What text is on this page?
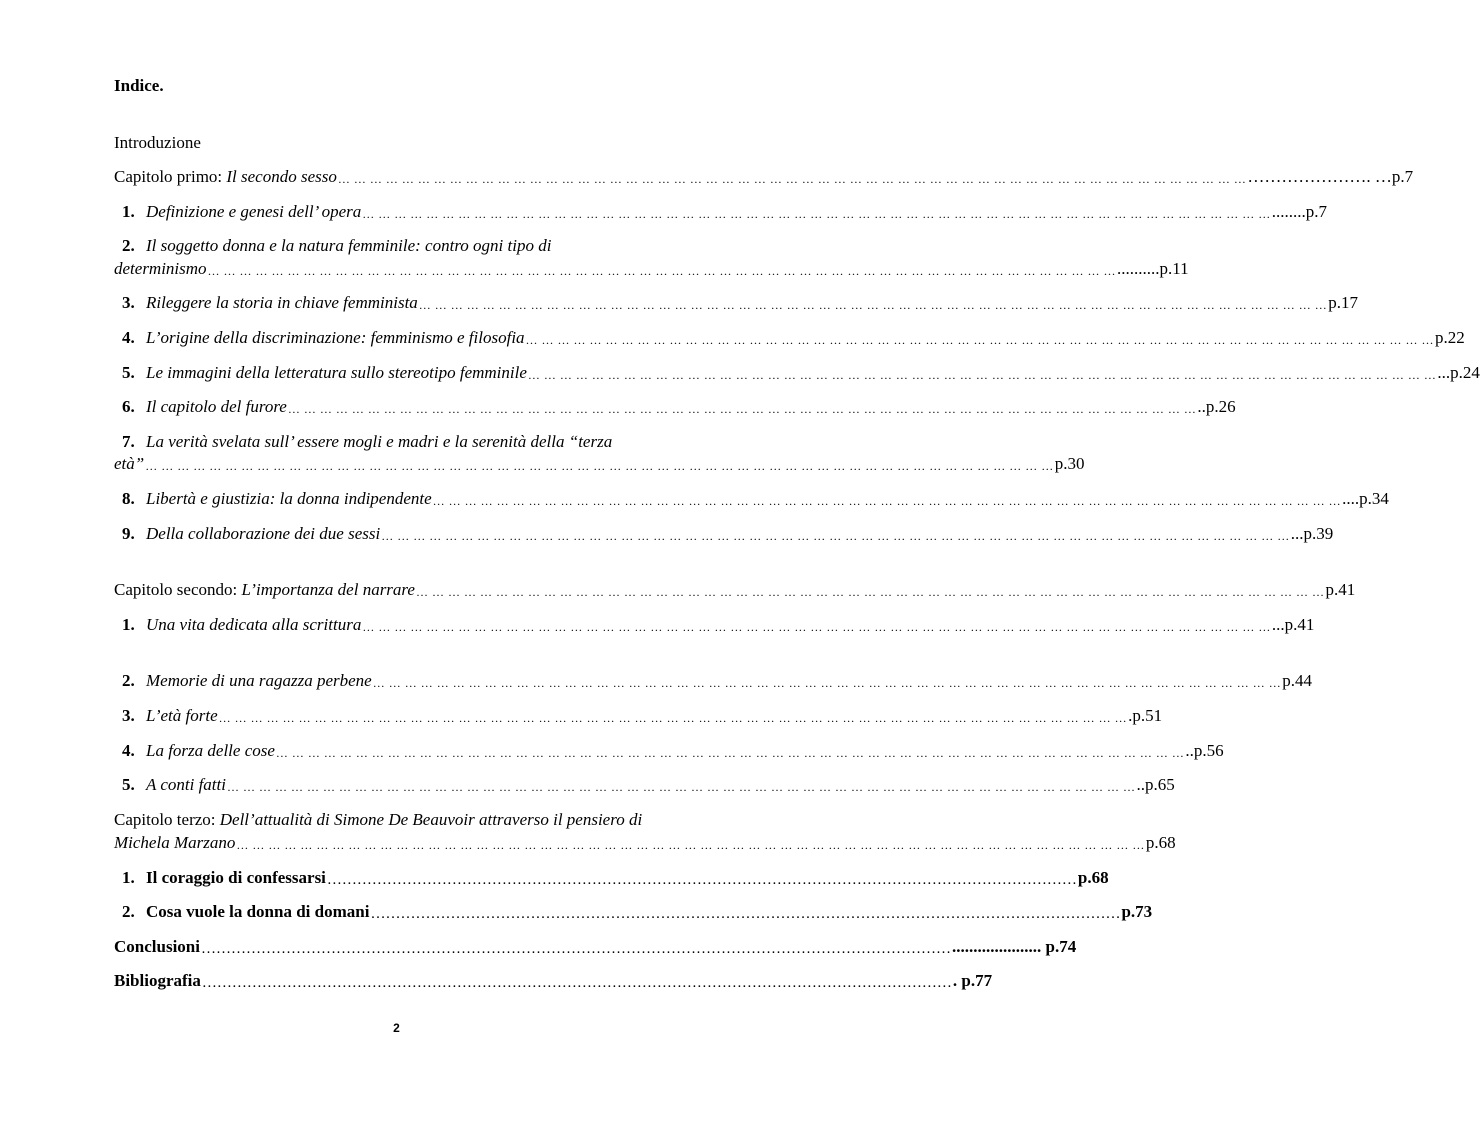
Indice.
Introduzione
Capitolo primo: Il secondo sesso … … … … … … … … … … … … … … … … … … … … … … … … … … … … … … … … … … … … … … … … … … … … … … … … … … … … … … … … … …………………. … p.7
1. Definizione e genesi dell’ opera … … … … … … … … … … … … … … … … … … … … … … … … … … … … … … … … … … … … … … … … … … … … … … … … … … … … … … … … … ........p.7
2. Il soggetto donna e la natura femminile: contro ogni tipo di
determinismo … … … … … … … … … … … … … … … … … … … … … … … … … … … … … … … … … … … … … … … … … … … … … … … … … … … … … … … … … ..........p.11
3. Rileggere la storia in chiave femminista … … … … … … … … … … … … … … … … … … … … … … … … … … … … … … … … … … … … … … … … … … … … … … … … … … … … … … … … … p.17
4. L’origine della discriminazione: femminismo e filosofia … … … … … … … … … … … … … … … … … … … … … … … … … … … … … … … … … … … … … … … … … … … … … … … … … … … … … … … … … p.22
5. Le immagini della letteratura sullo stereotipo femminile … … … … … … … … … … … … … … … … … … … … … … … … … … … … … … … … … … … … … … … … … … … … … … … … … … … … … … … … … ...p.24
6. Il capitolo del furore … … … … … … … … … … … … … … … … … … … … … … … … … … … … … … … … … … … … … … … … … … … … … … … … … … … … … … … … … ..p.26
7. La verità svelata sull’ essere mogli e madri e la serenità della “terza
età” … … … … … … … … … … … … … … … … … … … … … … … … … … … … … … … … … … … … … … … … … … … … … … … … … … … … … … … … … p.30
8. Libertà e giustizia: la donna indipendente … … … … … … … … … … … … … … … … … … … … … … … … … … … … … … … … … … … … … … … … … … … … … … … … … … … … … … … … … ....p.34
9. Della collaborazione dei due sessi … … … … … … … … … … … … … … … … … … … … … … … … … … … … … … … … … … … … … … … … … … … … … … … … … … … … … … … … … ...p.39
Capitolo secondo: L’importanza del narrare … … … … … … … … … … … … … … … … … … … … … … … … … … … … … … … … … … … … … … … … … … … … … … … … … … … … … … … … … p.41
1. Una vita dedicata alla scrittura … … … … … … … … … … … … … … … … … … … … … … … … … … … … … … … … … … … … … … … … … … … … … … … … … … … … … … … … … ...p.41
2. Memorie di una ragazza perbene … … … … … … … … … … … … … … … … … … … … … … … … … … … … … … … … … … … … … … … … … … … … … … … … … … … … … … … … … p.44
3. L’età forte … … … … … … … … … … … … … … … … … … … … … … … … … … … … … … … … … … … … … … … … … … … … … … … … … … … … … … … … … .p.51
4. La forza delle cose … … … … … … … … … … … … … … … … … … … … … … … … … … … … … … … … … … … … … … … … … … … … … … … … … … … … … … … … … ..p.56
5. A conti fatti … … … … … … … … … … … … … … … … … … … … … … … … … … … … … … … … … … … … … … … … … … … … … … … … … … … … … … … … … ..p.65
Capitolo terzo: Dell’attualità di Simone De Beauvoir attraverso il pensiero di
Michela Marzano … … … … … … … … … … … … … … … … … … … … … … … … … … … … … … … … … … … … … … … … … … … … … … … … … … … … … … … … … p.68
1. Il coraggio di confessarsi …………………………………………………………………………………………………………………………………… p.68
2. Cosa vuole la donna di domani …………………………………………………………………………………………………………………………………… p.73
Conclusioni …………………………………………………………………………………………………………………………………… ..................... p.74
Bibliografia …………………………………………………………………………………………………………………………………… . p.77
2
